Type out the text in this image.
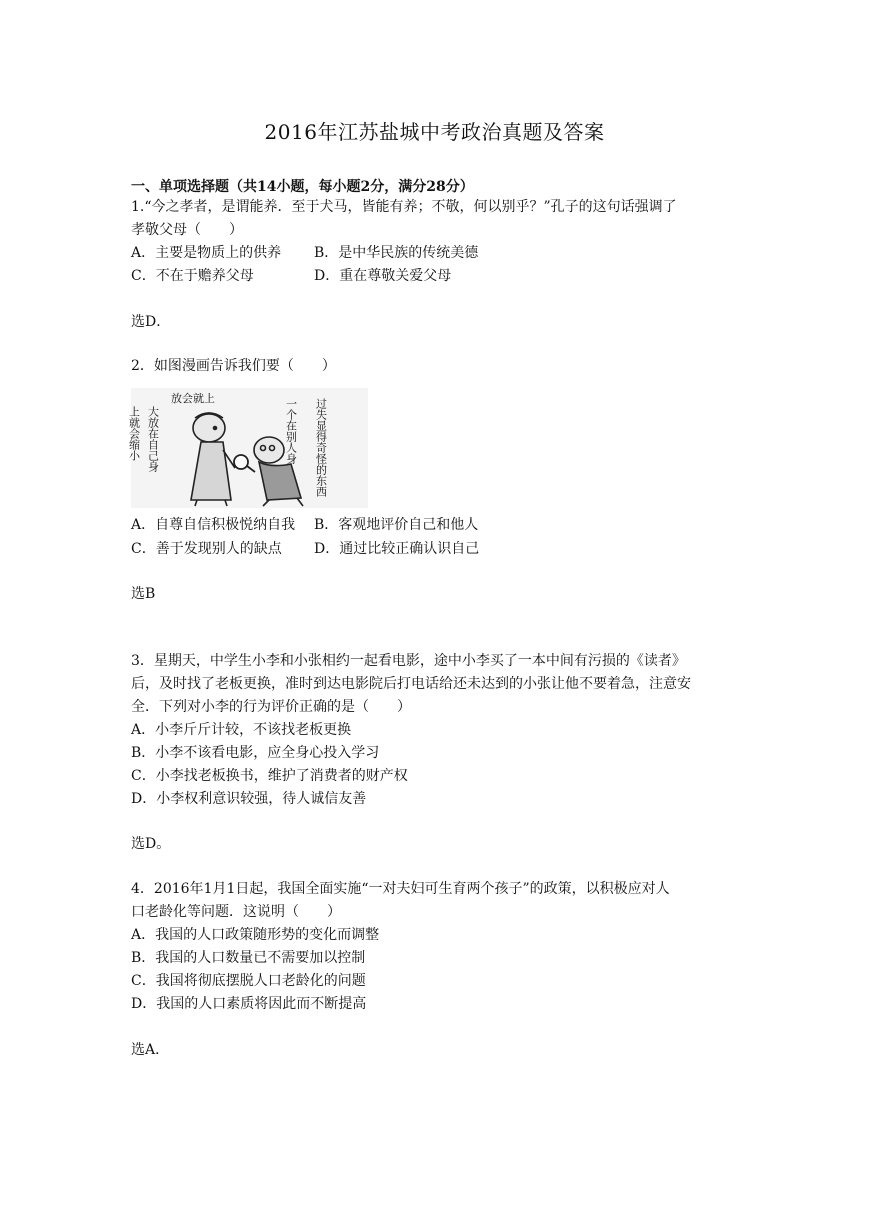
2016年江苏盐城中考政治真题及答案
一、单项选择题（共14小题，每小题2分，满分28分）
1.“今之孝者，是谓能养．至于犬马，皆能有养；不敬，何以别乎？”孔子的这句话强调了
孝敬父母（　　）
A．主要是物质上的供养 B．是中华民族的传统美德
C．不在于赡养父母	D．重在尊敬关爱父母
选D．
2．如图漫画告诉我们要（　　）
上就会缩小 大放在自己身
放会就上	一个在别人身 过失显得奇怪的东西
A．自尊自信积极悦纳自我 B．客观地评价自己和他人
C．善于发现别人的缺点 D．通过比较正确认识自己
选B
3．星期天，中学生小李和小张相约一起看电影，途中小李买了一本中间有污损的《读者》
后，及时找了老板更换，准时到达电影院后打电话给还未达到的小张让他不要着急，注意安
全．下列对小李的行为评价正确的是（　　）
A．小李斤斤计较，不该找老板更换
B．小李不该看电影，应全身心投入学习
C．小李找老板换书，维护了消费者的财产权
D．小李权利意识较强，待人诚信友善
选D。
4．2016年1月1日起，我国全面实施“一对夫妇可生育两个孩子”的政策，以积极应对人
口老龄化等问题．这说明（　　）
A．我国的人口政策随形势的变化而调整
B．我国的人口数量已不需要加以控制
C．我国将彻底摆脱人口老龄化的问题
D．我国的人口素质将因此而不断提高
选A．
